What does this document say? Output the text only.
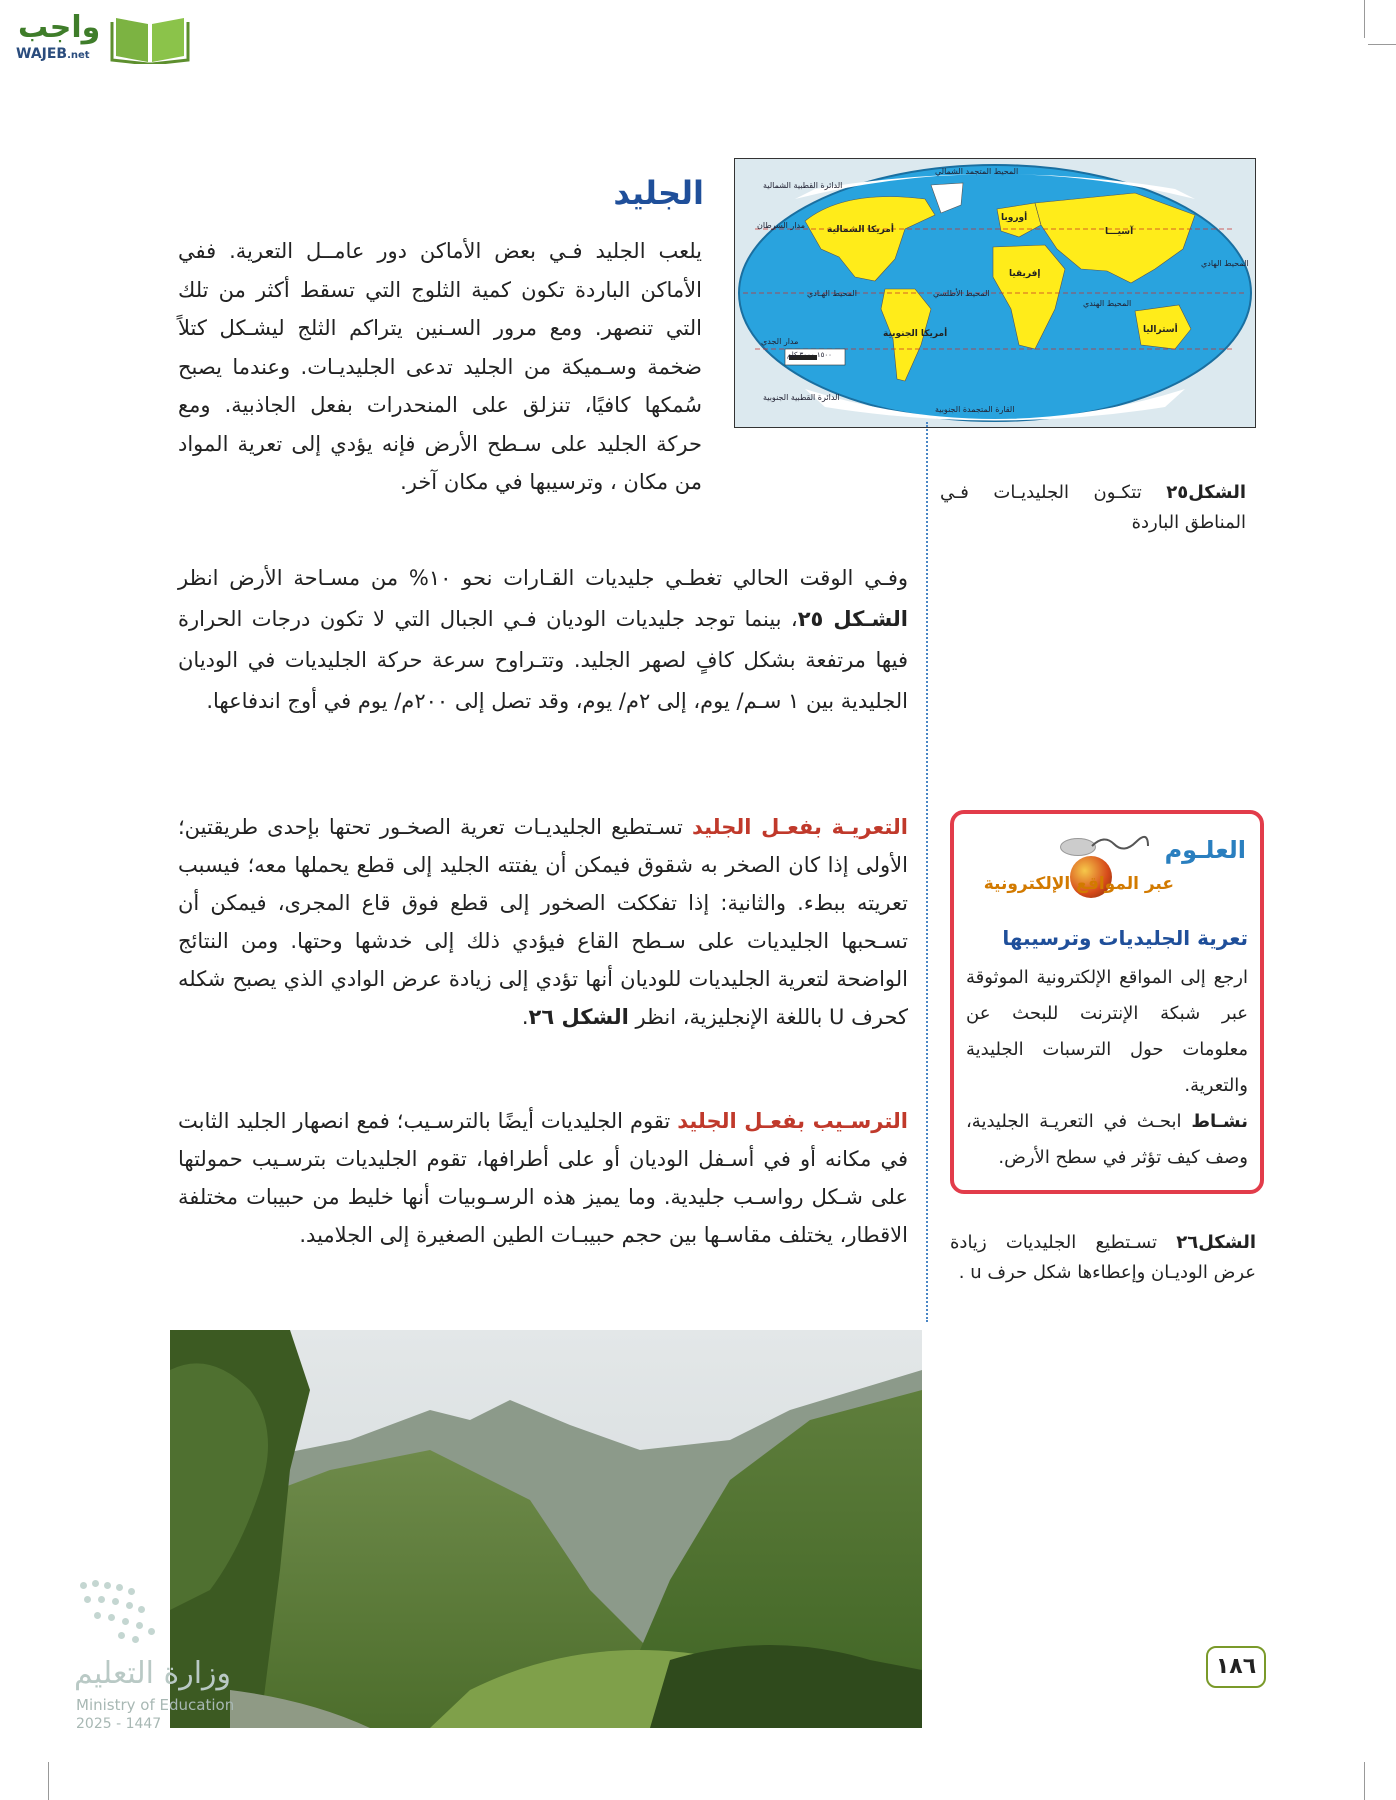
واجب
WAJEB.net
أمريكا الشمالية
أمريكا الجنوبية
أوروبا
آسيـــا
إفريقيا
أستراليا
المحيط المتجمد الشمالي
القارة المتجمدة الجنوبية
المحيط الأطلسي
المحيط الهـادي
المحيط الهادي
المحيط الهندي
مدار السرطان
مدار الجدي
الدائرة القطبية الشمالية
الدائرة القطبية الجنوبية
١٥٠٠ ٣٠٠٠ كلم
الجليد
يلعب الجليد فـي بعض الأماكن دور عامــل التعرية. ففي الأماكن الباردة تكون كمية الثلوج التي تسقط أكثر من تلك التي تنصهر. ومع مرور السـنين يتراكم الثلج ليشـكل كتلاً ضخمة وسـميكة من الجليد تدعى الجليديـات. وعندما يصبح سُمكها كافيًا، تنزلق على المنحدرات بفعل الجاذبية. ومع حركة الجليد على سـطح الأرض فإنه يؤدي إلى تعرية المواد من مكان ، وترسيبها في مكان آخر.
وفـي الوقت الحالي تغطـي جليديات القـارات نحو ١٠% من مسـاحة الأرض انظر الشـكل ٢٥، بينما توجد جليديات الوديان فـي الجبال التي لا تكون درجات الحرارة فيها مرتفعة بشكل كافٍ لصهر الجليد. وتتـراوح سرعة حركة الجليديات في الوديان الجليدية بين ١ سـم/ يوم، إلى ٢م/ يوم، وقد تصل إلى ٢٠٠م/ يوم في أوج اندفاعها.
التعريـة بفعـل الجليد تسـتطيع الجليديـات تعرية الصخـور تحتها بإحدى طريقتين؛ الأولى إذا كان الصخر به شقوق فيمكن أن يفتته الجليد إلى قطع يحملها معه؛ فيسبب تعريته ببطء. والثانية: إذا تفككت الصخور إلى قطع فوق قاع المجرى، فيمكن أن تسـحبها الجليديات على سـطح القاع فيؤدي ذلك إلى خدشها وحتها. ومن النتائج الواضحة لتعرية الجليديات للوديان أنها تؤدي إلى زيادة عرض الوادي الذي يصبح شكله كحرف U باللغة الإنجليزية، انظر الشكل ٢٦.
الترسـيب بفعـل الجليد تقوم الجليديات أيضًا بالترسـيب؛ فمع انصهار الجليد الثابت في مكانه أو في أسـفل الوديان أو على أطرافها، تقوم الجليديات بترسـيب حمولتها على شـكل رواسـب جليدية. وما يميز هذه الرسـوبيات أنها خليط من حبيبات مختلفة الاقطار، يختلف مقاسـها بين حجم حبيبـات الطين الصغيرة إلى الجلاميد.
الشكل٢٥ تتكـون الجليديـات فـي المناطق الباردة
العلـوم
عبر المواقع الإلكترونية
تعرية الجليديات وترسيبها
ارجع إلى المواقع الإلكترونية الموثوقة عبر شبكة الإنترنت للبحث عن معلومات حول الترسبات الجليدية والتعرية.
نشـاط ابحـث في التعريـة الجليدية، وصف كيف تؤثر في سطح الأرض.
الشكل٢٦ تسـتطيع الجليديات زيادة عرض الوديـان وإعطاءها شكل حرف u .
وزارة التعليم
Ministry of Education
2025 - 1447
١٨٦
